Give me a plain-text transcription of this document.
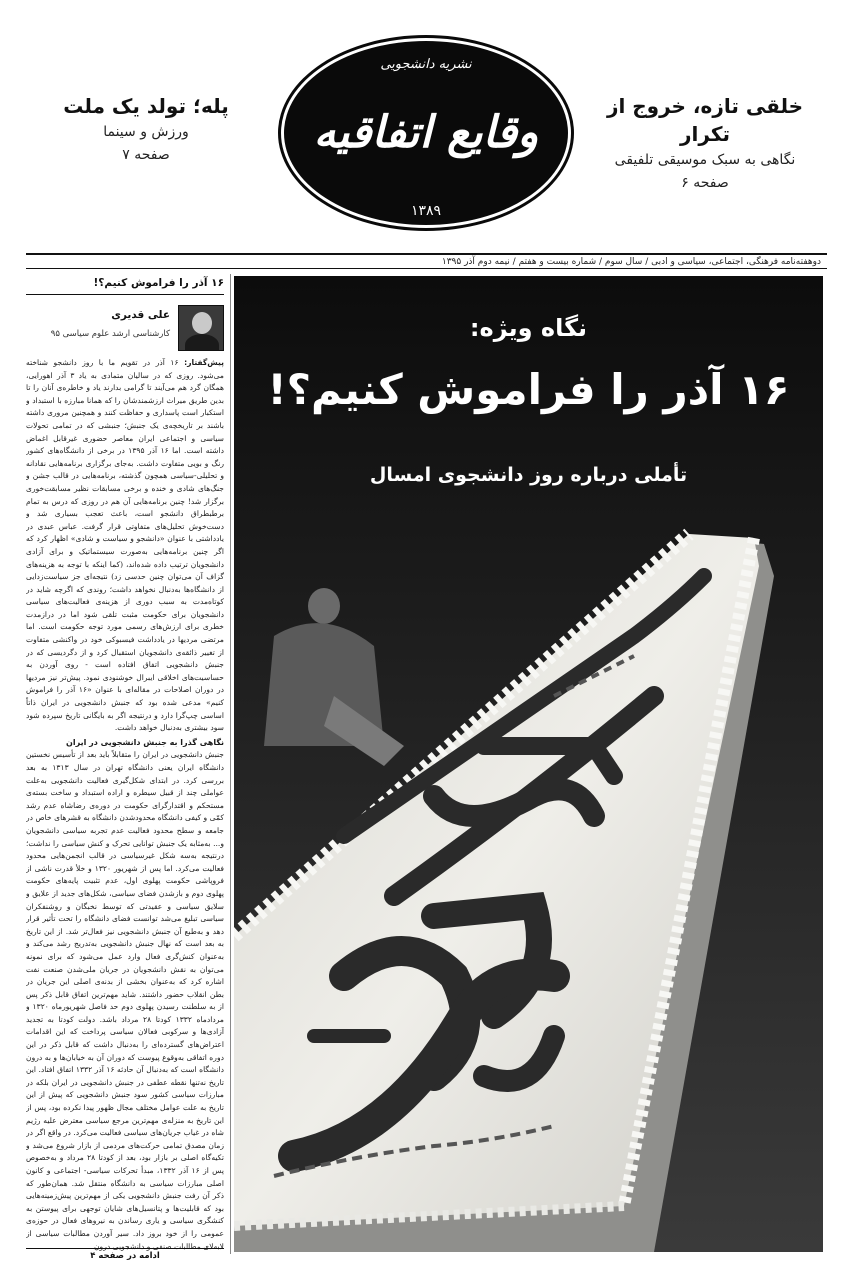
خلقی تازه، خروج از تکرار
نگاهی به سبک موسیقی تلفیقی
صفحه ۶
نشریه دانشجویی
وقایع اتفاقیه
۱۳۸۹
پله؛ تولد یک ملت
ورزش و سینما
صفحه ۷
دوهفته‌نامه فرهنگی، اجتماعی، سیاسی و ادبی / سال سوم / شماره بیست و هفتم / نیمه دوم آذر ۱۳۹۵
۱۶ آذر را فراموش کنیم؟!
علی قدیری
کارشناسی ارشد علوم سیاسی ۹۵
پیش‌گفتار: ۱۶ آذر در تقویم ما با روز دانشجو شناخته می‌شود. روزی که در سالیان متمادی به یاد ۳ آذر اهورایی، همگان گرد هم می‌آیند تا گرامی بدارند یاد و خاطره‌ی آنان را تا بدین طریق میراث ارزشمندشان را که همانا مبارزه با استبداد و استکبار است پاسداری و حفاظت کنند و همچنین مروری داشته باشند بر تاریخچه‌ی یک جنبش؛ جنبشی که در تمامی تحولات سیاسی و اجتماعی ایران معاصر حضوری غیرقابل اغماض داشته است. اما ۱۶ آذر ۱۳۹۵ در برخی از دانشگاه‌های کشور رنگ و بویی متفاوت داشت. به‌جای برگزاری برنامه‌هایی نقادانه و تحلیلی-سیاسی همچون گذشته، برنامه‌هایی در قالب جشن و جنگ‌های شادی و خنده و برخی مسابقات نظیر مسابقت‌خوری برگزار شد! چنین برنامه‌هایی آن هم در روزی که درس به تمام برطبطراق دانشجو است، باعث تعجب بسیاری شد و دست‌خوش تحلیل‌های متفاوتی قرار گرفت. عباس عبدی در یادداشتی با عنوان «دانشجو و سیاست و شادی» اظهار کرد که اگر چنین برنامه‌هایی به‌صورت سیستماتیک و برای آزادی دانشجویان ترتیب داده شده‌اند، (کما اینکه با توجه به هزینه‌های گزاف آن می‌توان چنین حدسی زد) نتیجه‌ای جز سیاست‌زدایی از دانشگاه‌ها به‌دنبال نخواهد داشت؛ روندی که اگرچه شاید در کوتاه‌مدت به سبب دوری از هزینه‌ی فعالیت‌های سیاسی دانشجویان برای حکومت مثبت تلقی شود اما در درازمدت خطری برای ارزش‌های رسمی مورد توجه حکومت است. اما مرتضی مردیها در یادداشت فیسبوکی خود در واکنشی متفاوت از تغییر ذائقه‌ی دانشجویان استقبال کرد و از دگردیسی که در جنبش دانشجویی اتفاق افتاده است - روی آوردن به حساسیت‌های اخلاقی ایبرال خوشنودی نمود. پیش‌تر نیز مردیها در دوران اصلاحات در مقاله‌ای با عنوان «۱۶ آذر را فراموش کنیم» مدعی شده بود که جنبش دانشجویی در ایران ذاتاً اساسی چپ‌گرا دارد و درنتیجه اگر به بایگانی تاریخ سپرده شود سود بیشتری به‌دنبال خواهد داشت.
نگاهی گذرا به جنبش دانشجویی در ایران
جنبش دانشجویی در ایران را متقابلاً باید بعد از تأسیس نخستین دانشگاه ایران یعنی دانشگاه تهران در سال ۱۳۱۳ به بعد بررسی کرد. در ابتدای شکل‌گیری فعالیت دانشجویی به‌علت عواملی چند از قبیل سیطره و اراده استبداد و ساخت بسته‌ی مستحکم و اقتدارگرای حکومت در دوره‌ی رضاشاه عدم رشد کمّی و کیفی دانشگاه محدودشدن دانشگاه به قشرهای خاص در جامعه و سطح محدود فعالیت عدم تجربه سیاسی دانشجویان و... به‌مثابه یک جنبش توانایی تحرک و کنش سیاسی را نداشت؛ درنتیجه به‌سه شکل غیرسیاسی در قالب انجمن‌هایی محدود فعالیت می‌کرد. اما پس از شهریور ۱۳۲۰ و خلأ قدرت ناشی از فروپاشی حکومت پهلوی اول، عدم تثبیت پایه‌های حکومت پهلوی دوم و بازشدن فضای سیاسی، شکل‌های جدید از علایق و سلایق سیاسی و عقیدتی که توسط نخبگان و روشنفکران سیاسی تبلیغ می‌شد توانست فضای دانشگاه را تحت تأثیر قرار دهد و به‌طبع آن جنبش دانشجویی نیز فعال‌تر شد. از این تاریخ به بعد است که نهال جنبش دانشجویی به‌تدریج رشد می‌کند و به‌عنوان کنش‌گری فعال وارد عمل می‌شود که برای نمونه می‌توان به نقش دانشجویان در جریان ملی‌شدن صنعت نفت اشاره کرد که به‌عنوان بخشی از بدنه‌ی اصلی این جریان در بطن انقلاب حضور داشتند. شاید مهم‌ترین اتفاق قابل ذکر پس از به سلطنت رسیدن پهلوی دوم حد فاصل شهریورماه ۱۳۲۰ و مردادماه ۱۳۳۲ کودتا ۲۸ مرداد باشد. دولت کودتا به تجدید آزادی‌ها و سرکوبی فعالان سیاسی پرداخت که این اقدامات اعتراض‌های گسترده‌ای را به‌دنبال داشت که قابل ذکر در این دوره اتفاقی به‌وقوع پیوست که دوران آن به خیابان‌ها و به درون دانشگاه است که به‌دنبال آن حادثه ۱۶ آذر ۱۳۳۲ اتفاق افتاد. این تاریخ نه‌تنها نقطه عطفی در جنبش دانشجویی در ایران بلکه در مبارزات سیاسی کشور سود جنبش دانشجویی که پیش از این تاریخ به علت عوامل مختلف مجال ظهور پیدا نکرده بود، پس از این تاریخ به منزله‌ی مهم‌ترین مرجع سیاسی معترض علیه رژیم شاه در غیاب جریان‌های سیاسی فعالیت می‌کرد. در واقع اگر در زمان مصدق تمامی حرکت‌های مردمی از بازار شروع می‌شد و تکیه‌گاه اصلی بر بازار بود، بعد از کودتا ۲۸ مرداد و به‌خصوص پس از ۱۶ آذر ۱۳۳۲، مبدأ تحرکات سیاسی- اجتماعی و کانون اصلی مبارزات سیاسی به دانشگاه منتقل شد. همان‌طور که ذکر آن رفت جنبش دانشجویی یکی از مهم‌ترین پیش‌زمینه‌هایی بود که قابلیت‌ها و پتانسیل‌های شایان توجهی برای پیوستن به کنشگری سیاسی و یاری رساندن به نیروهای فعال در حوزه‌ی عمومی را از خود بروز داد. سیر آوردن مطالبات سیاسی از لابه‌لای مطالبات صنفی و دانشجویی درون...
ادامه در صفحه ۴
نگاه ویژه:
۱۶ آذر را فراموش کنیم؟!
تأملی درباره روز دانشجوی امسال
